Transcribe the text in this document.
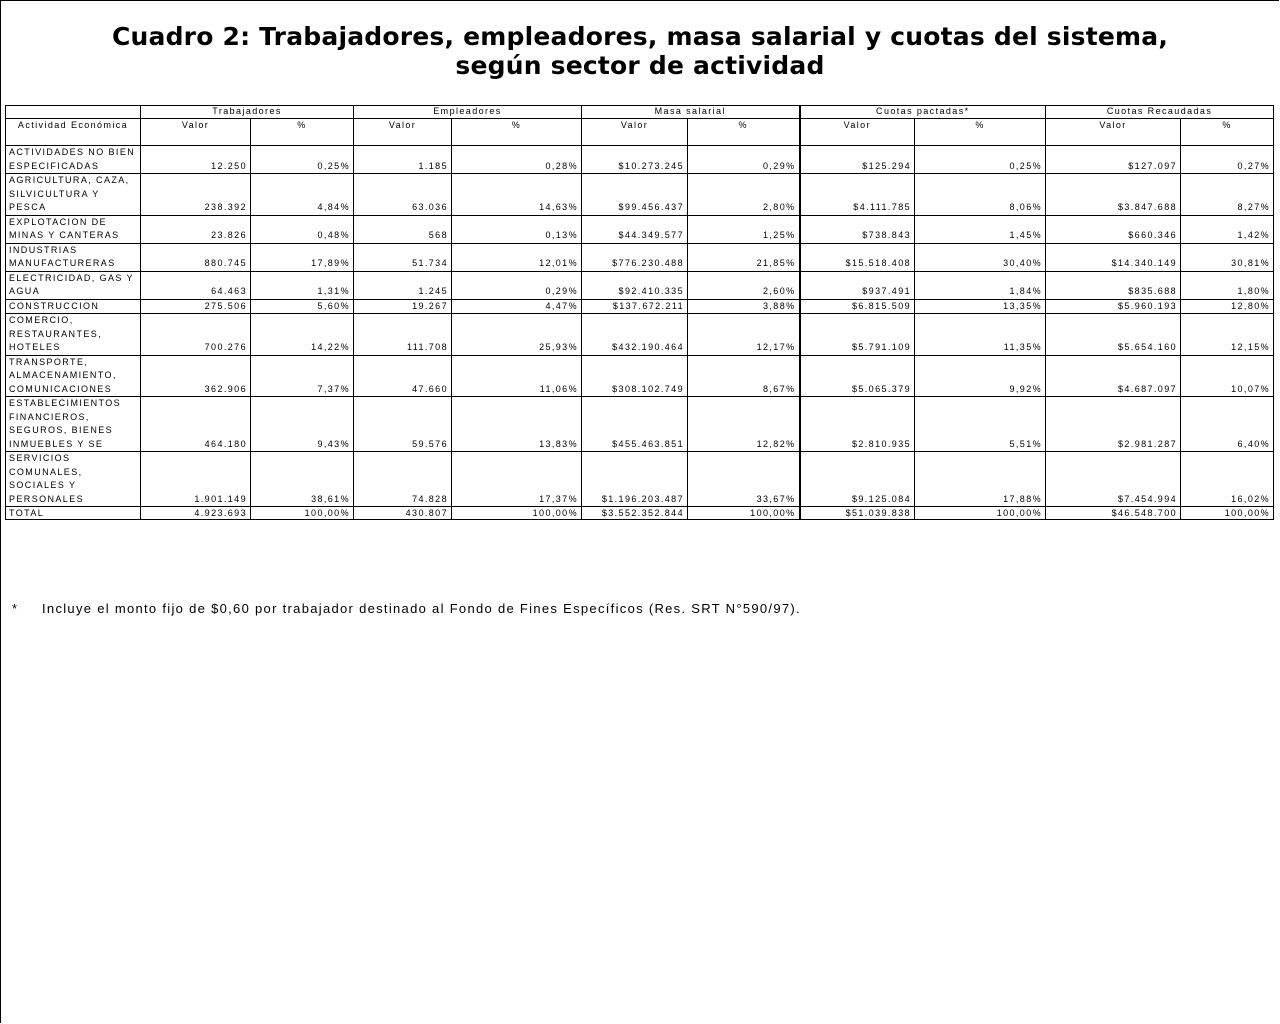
Cuadro 2: Trabajadores, empleadores, masa salarial y cuotas del sistema,
según sector de actividad
	Trabajadores		Empleadores		Masa salarial		Cuotas pactadas*		Cuotas Recaudadas	
Actividad Económica	Valor	%	Valor	%	Valor	%	Valor	%	Valor	%
ACTIVIDADES NO BIEN ESPECIFICADAS	12.250	0,25%	1.185	0,28%	$10.273.245	0,29%	$125.294	0,25%	$127.097	0,27%
AGRICULTURA, CAZA, SILVICULTURA Y PESCA	238.392	4,84%	63.036	14,63%	$99.456.437	2,80%	$4.111.785	8,06%	$3.847.688	8,27%
EXPLOTACION DE MINAS Y CANTERAS	23.826	0,48%	568	0,13%	$44.349.577	1,25%	$738.843	1,45%	$660.346	1,42%
INDUSTRIAS MANUFACTURERAS	880.745	17,89%	51.734	12,01%	$776.230.488	21,85%	$15.518.408	30,40%	$14.340.149	30,81%
ELECTRICIDAD, GAS Y AGUA	64.463	1,31%	1.245	0,29%	$92.410.335	2,60%	$937.491	1,84%	$835.688	1,80%
CONSTRUCCION	275.506	5,60%	19.267	4,47%	$137.672.211	3,88%	$6.815.509	13,35%	$5.960.193	12,80%
COMERCIO, RESTAURANTES, HOTELES	700.276	14,22%	111.708	25,93%	$432.190.464	12,17%	$5.791.109	11,35%	$5.654.160	12,15%
TRANSPORTE, ALMACENAMIENTO, COMUNICACIONES	362.906	7,37%	47.660	11,06%	$308.102.749	8,67%	$5.065.379	9,92%	$4.687.097	10,07%
ESTABLECIMIENTOS FINANCIEROS, SEGUROS, BIENES INMUEBLES Y SE	464.180	9,43%	59.576	13,83%	$455.463.851	12,82%	$2.810.935	5,51%	$2.981.287	6,40%
SERVICIOS COMUNALES, SOCIALES Y PERSONALES	1.901.149	38,61%	74.828	17,37%	$1.196.203.487	33,67%	$9.125.084	17,88%	$7.454.994	16,02%
TOTAL	4.923.693	100,00%	430.807	100,00%	$3.552.352.844	100,00%	$51.039.838	100,00%	$46.548.700	100,00%
* Incluye el monto fijo de $0,60 por trabajador destinado al Fondo de Fines Específicos (Res. SRT N°590/97).
